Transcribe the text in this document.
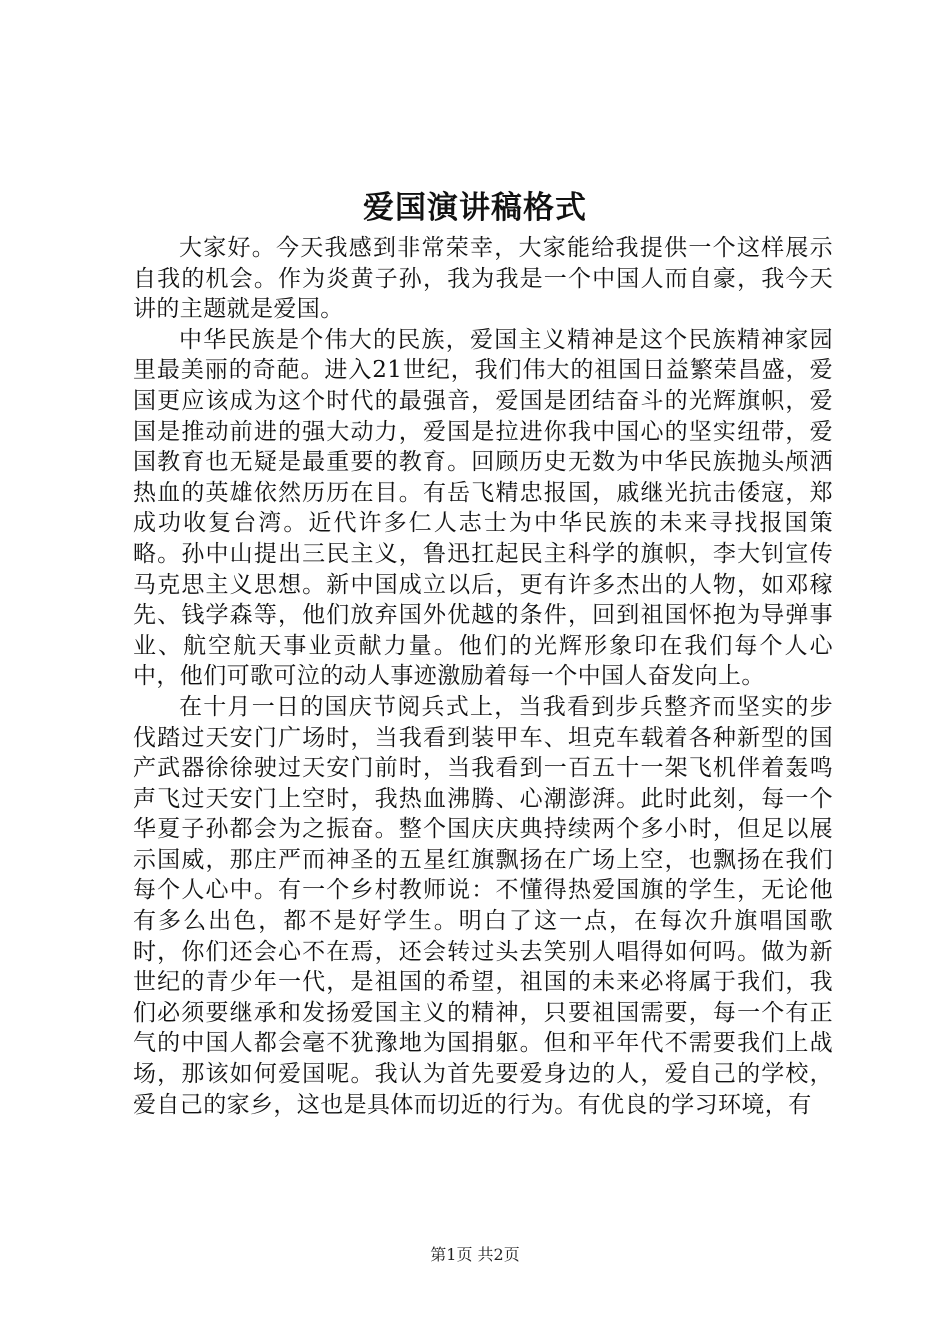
爱国演讲稿格式

大家好。今天我感到非常荣幸，大家能给我提供一个这样展示自我的机会。作为炎黄子孙，我为我是一个中国人而自豪，我今天讲的主题就是爱国。

中华民族是个伟大的民族，爱国主义精神是这个民族精神家园里最美丽的奇葩。进入21世纪，我们伟大的祖国日益繁荣昌盛，爱国更应该成为这个时代的最强音，爱国是团结奋斗的光辉旗帜，爱国是推动前进的强大动力，爱国是拉进你我中国心的坚实纽带，爱国教育也无疑是最重要的教育。回顾历史无数为中华民族抛头颅洒热血的英雄依然历历在目。有岳飞精忠报国，戚继光抗击倭寇，郑成功收复台湾。近代许多仁人志士为中华民族的未来寻找报国策略。孙中山提出三民主义，鲁迅扛起民主科学的旗帜，李大钊宣传马克思主义思想。新中国成立以后，更有许多杰出的人物，如邓稼先、钱学森等，他们放弃国外优越的条件，回到祖国怀抱为导弹事业、航空航天事业贡献力量。他们的光辉形象印在我们每个人心中，他们可歌可泣的动人事迹激励着每一个中国人奋发向上。

在十月一日的国庆节阅兵式上，当我看到步兵整齐而坚实的步伐踏过天安门广场时，当我看到装甲车、坦克车载着各种新型的国产武器徐徐驶过天安门前时，当我看到一百五十一架飞机伴着轰鸣声飞过天安门上空时，我热血沸腾、心潮澎湃。此时此刻，每一个华夏子孙都会为之振奋。整个国庆庆典持续两个多小时，但足以展示国威，那庄严而神圣的五星红旗飘扬在广场上空，也飘扬在我们每个人心中。有一个乡村教师说：不懂得热爱国旗的学生，无论他有多么出色，都不是好学生。明白了这一点，在每次升旗唱国歌时，你们还会心不在焉，还会转过头去笑别人唱得如何吗。做为新世纪的青少年一代，是祖国的希望，祖国的未来必将属于我们，我们必须要继承和发扬爱国主义的精神，只要祖国需要，每一个有正气的中国人都会毫不犹豫地为国捐躯。但和平年代不需要我们上战场，那该如何爱国呢。我认为首先要爱身边的人，爱自己的学校，爱自己的家乡，这也是具体而切近的行为。有优良的学习环境，有

第1页 共2页
